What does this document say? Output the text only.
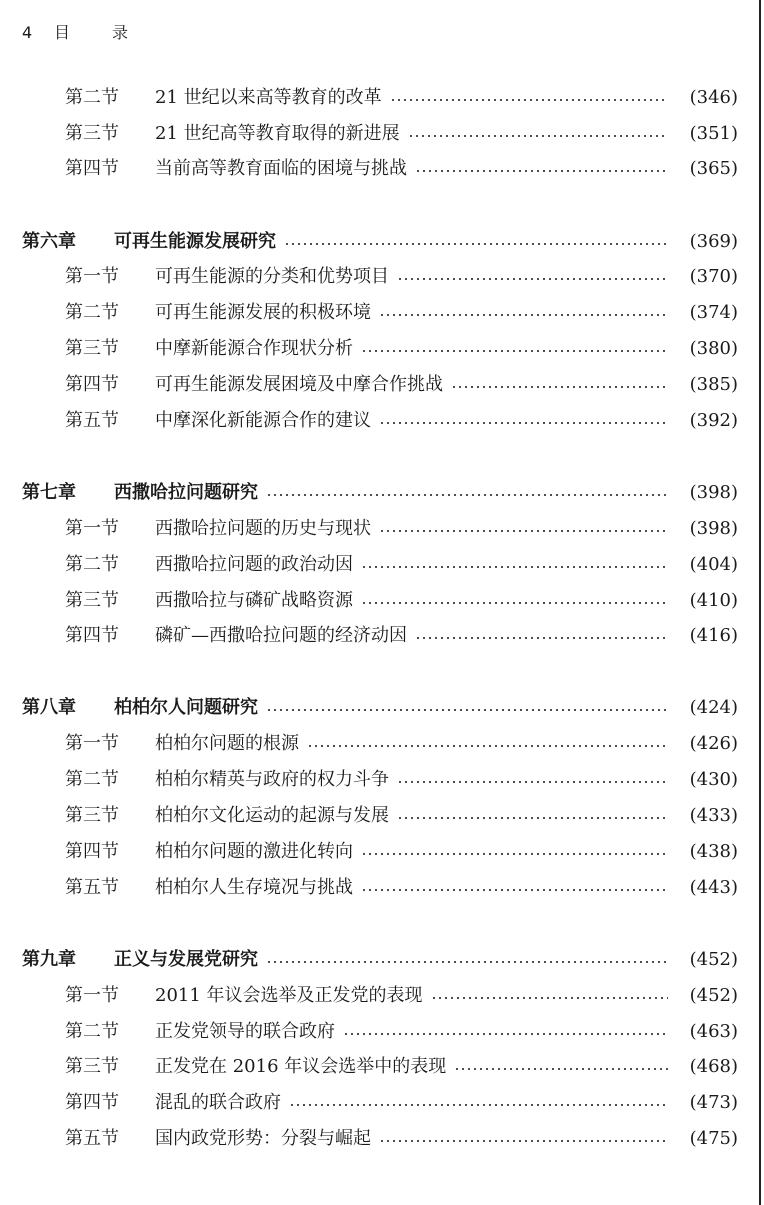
4 目	录
第二节	21 世纪以来高等教育的改革	(346)
第三节	21 世纪高等教育取得的新进展	(351)
第四节	当前高等教育面临的困境与挑战	(365)
第六章	可再生能源发展研究	(369)
第一节	可再生能源的分类和优势项目	(370)
第二节	可再生能源发展的积极环境	(374)
第三节	中摩新能源合作现状分析	(380)
第四节	可再生能源发展困境及中摩合作挑战	(385)
第五节	中摩深化新能源合作的建议	(392)
第七章	西撒哈拉问题研究	(398)
第一节	西撒哈拉问题的历史与现状	(398)
第二节	西撒哈拉问题的政治动因	(404)
第三节	西撒哈拉与磷矿战略资源	(410)
第四节	磷矿—西撒哈拉问题的经济动因	(416)
第八章	柏柏尔人问题研究	(424)
第一节	柏柏尔问题的根源	(426)
第二节	柏柏尔精英与政府的权力斗争	(430)
第三节	柏柏尔文化运动的起源与发展	(433)
第四节	柏柏尔问题的激进化转向	(438)
第五节	柏柏尔人生存境况与挑战	(443)
第九章	正义与发展党研究	(452)
第一节	2011 年议会选举及正发党的表现	(452)
第二节	正发党领导的联合政府	(463)
第三节	正发党在 2016 年议会选举中的表现	(468)
第四节	混乱的联合政府	(473)
第五节	国内政党形势：分裂与崛起	(475)
